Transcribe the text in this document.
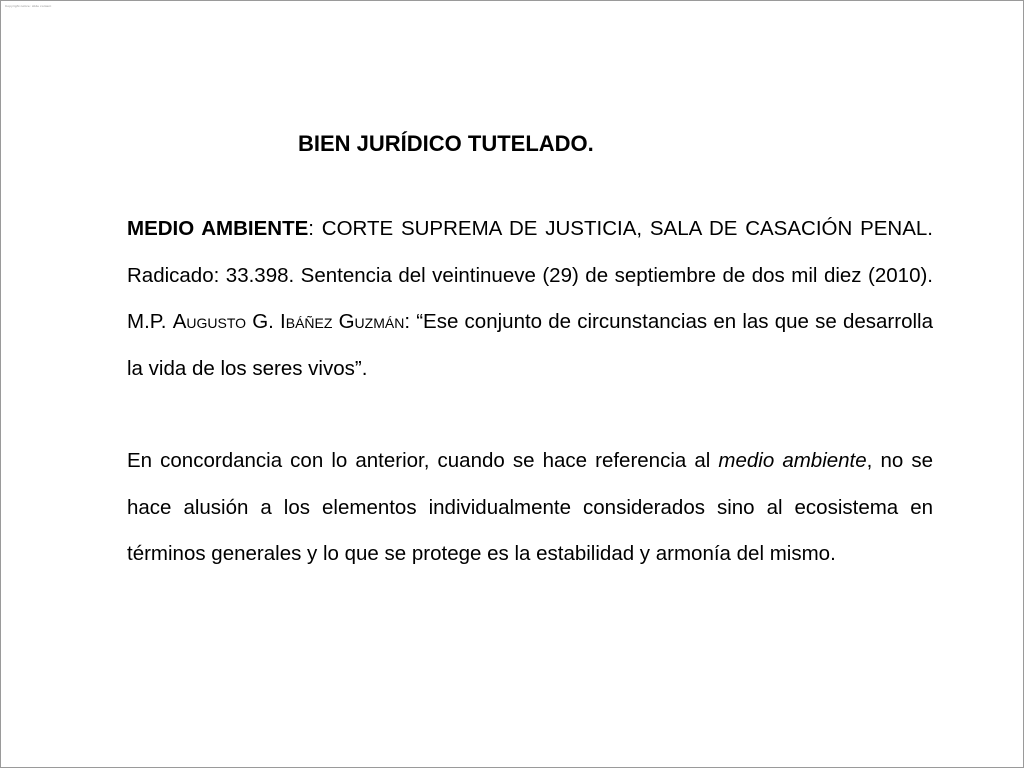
Copyright notice: slide content
BIEN JURÍDICO TUTELADO.

MEDIO AMBIENTE: CORTE SUPREMA DE JUSTICIA, SALA DE CASACIÓN PENAL. Radicado: 33.398. Sentencia del veintinueve (29) de septiembre de dos mil diez (2010). M.P. Augusto G. Ibáñez Guzmán: “Ese conjunto de circunstancias en las que se desarrolla la vida de los seres vivos”.

En concordancia con lo anterior, cuando se hace referencia al medio ambiente, no se hace alusión a los elementos individualmente considerados sino al ecosistema en términos generales y lo que se protege es la estabilidad y armonía del mismo.
